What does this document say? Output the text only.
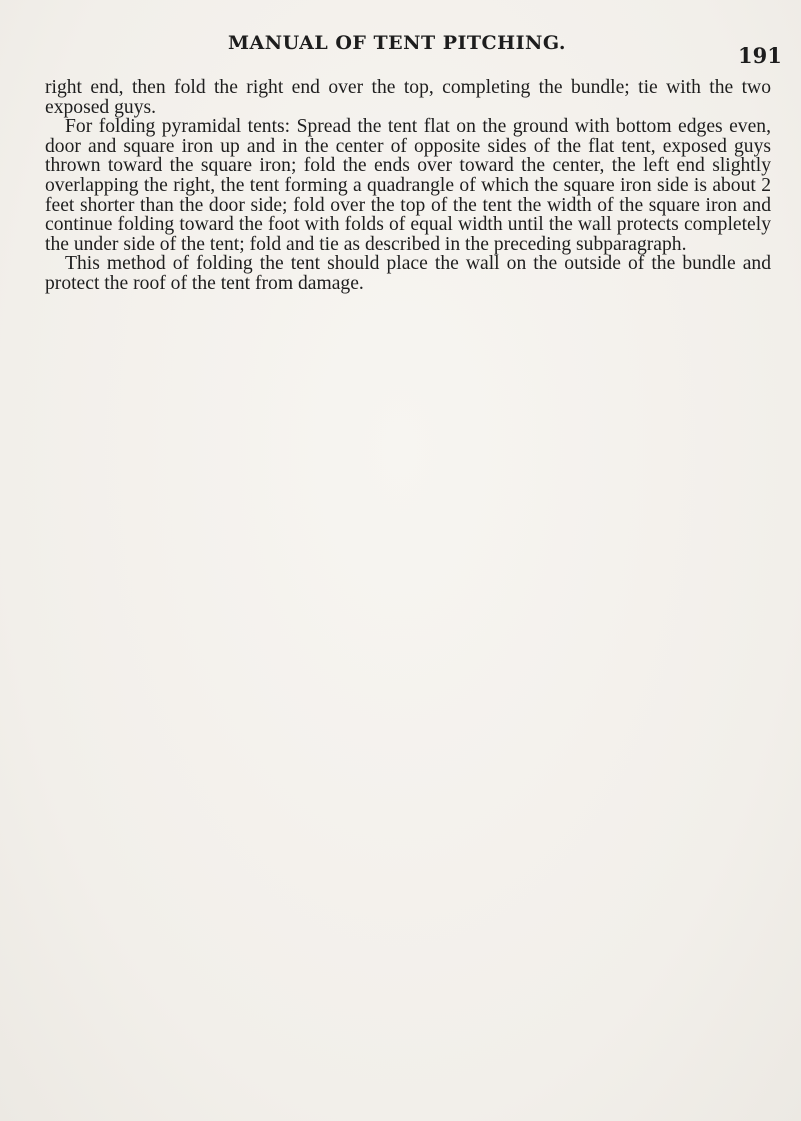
MANUAL OF TENT PITCHING.	191

right end, then fold the right end over the top, completing the bundle; tie with the two exposed guys.

For folding pyramidal tents: Spread the tent flat on the ground with bottom edges even, door and square iron up and in the center of opposite sides of the flat tent, exposed guys thrown toward the square iron; fold the ends over toward the center, the left end slightly overlapping the right, the tent forming a quadrangle of which the square iron side is about 2 feet shorter than the door side; fold over the top of the tent the width of the square iron and continue folding toward the foot with folds of equal width until the wall protects completely the under side of the tent; fold and tie as described in the preceding subparagraph.

This method of folding the tent should place the wall on the outside of the bundle and protect the roof of the tent from damage.
